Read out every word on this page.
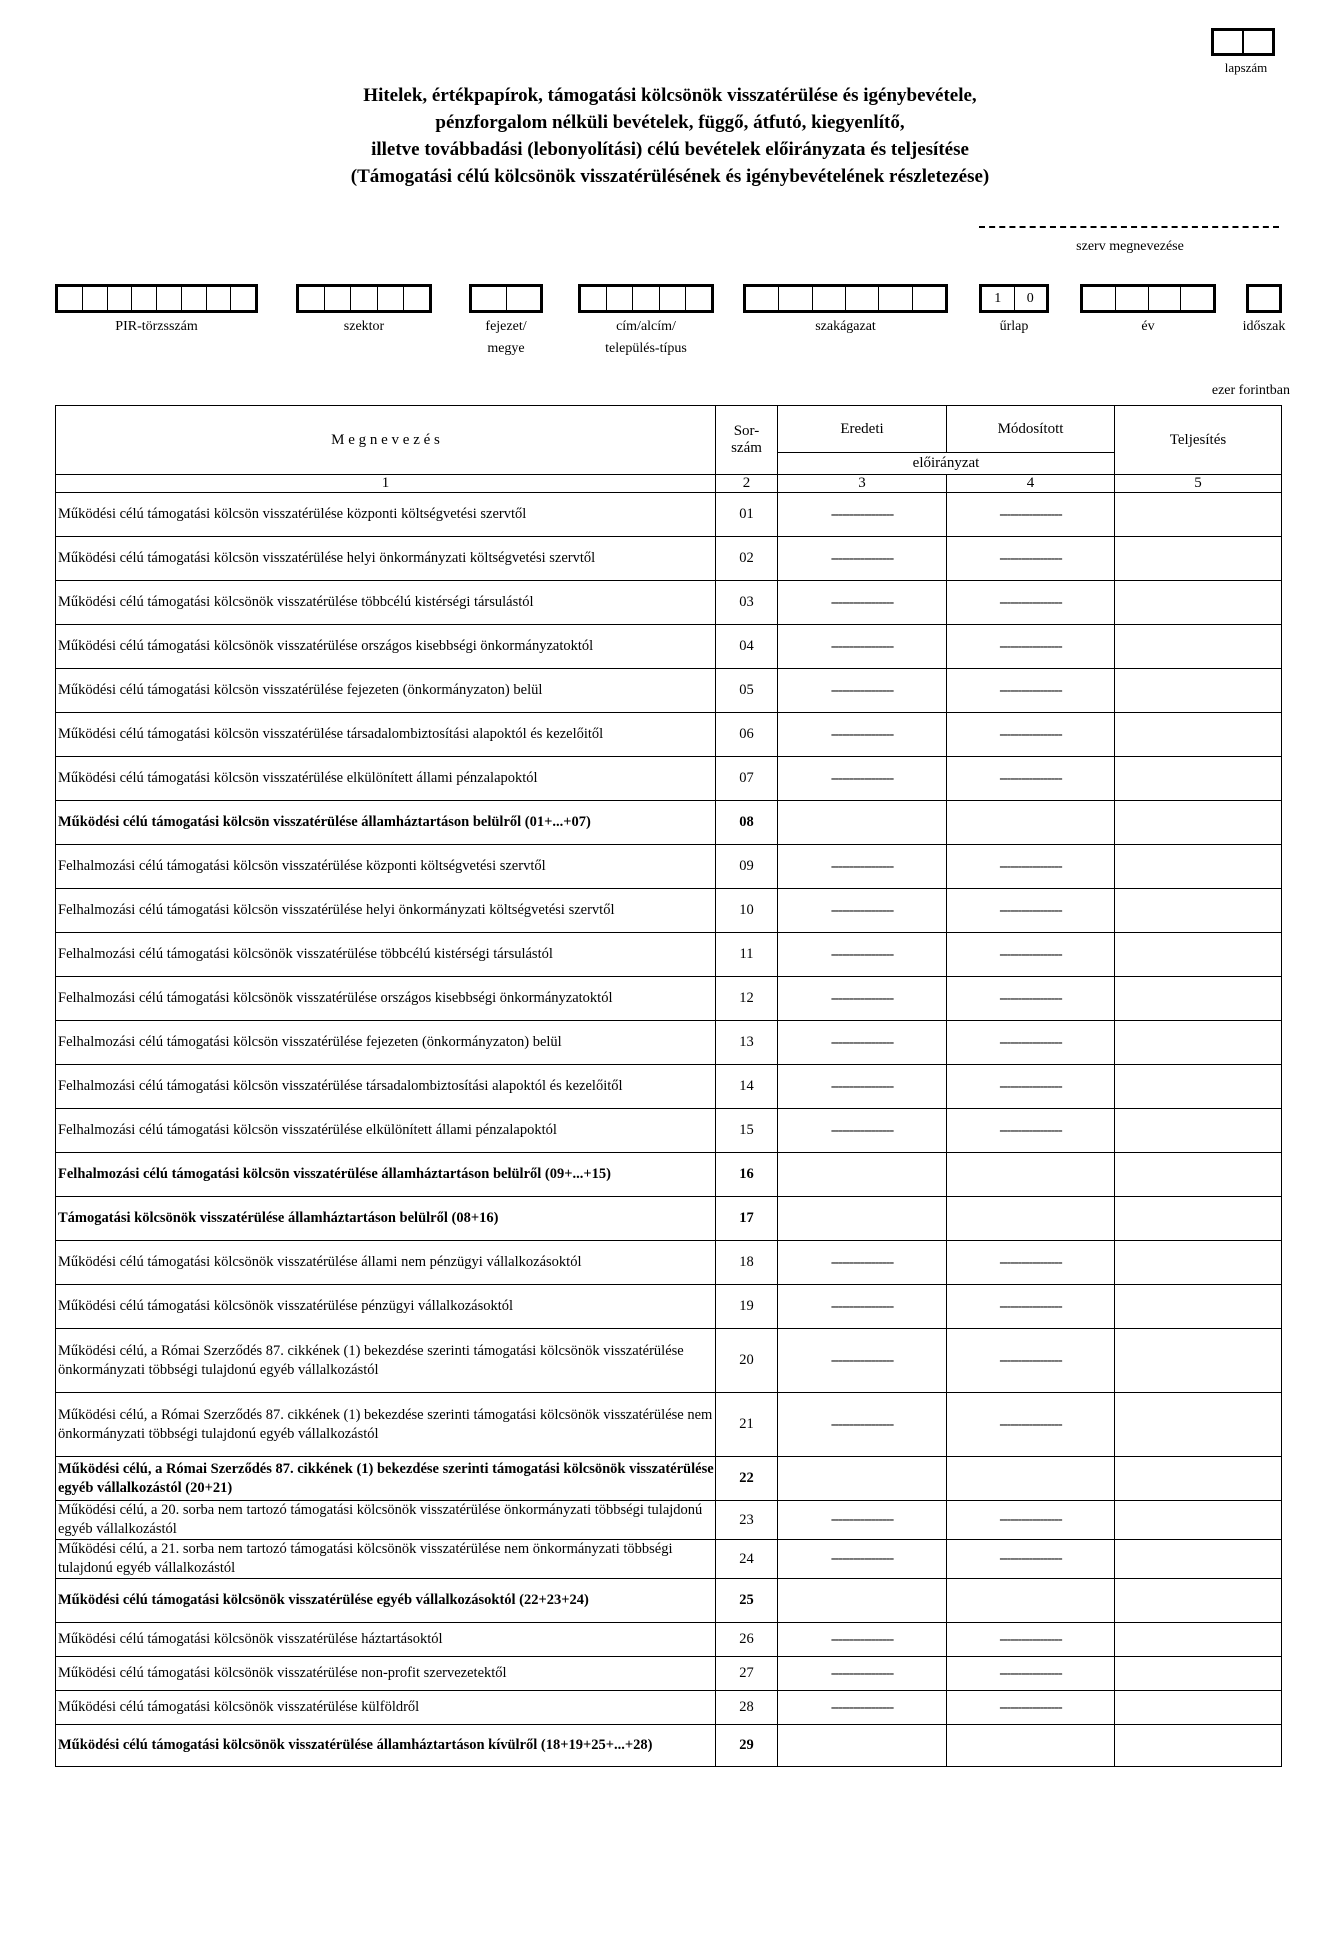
lapszám
Hitelek, értékpapírok, támogatási kölcsönök visszatérülése és igénybevétele,
pénzforgalom nélküli bevételek, függő, átfutó, kiegyenlítő,
illetve továbbadási (lebonyolítási) célú bevételek előirányzata és teljesítése
(Támogatási célú kölcsönök visszatérülésének és igénybevételének részletezése)
szerv megnevezése
PIR-törzsszám	szektor	fejezet/
megye
cím/alcím/
település-típus
szakágazat
1	0
űrlap	év	időszak
ezer forintban
M e g n e v e z é s	Sor-
szám	Eredeti	Módosított	Teljesítés
		előirányzat		
1	2	3	4	5
Működési célú támogatási kölcsön visszatérülése központi költségvetési szervtől	01	-----------------	-----------------	
Működési célú támogatási kölcsön visszatérülése helyi önkormányzati költségvetési szervtől	02	-----------------	-----------------	
Működési célú támogatási kölcsönök visszatérülése többcélú kistérségi társulástól	03	-----------------	-----------------	
Működési célú támogatási kölcsönök visszatérülése országos kisebbségi önkormányzatoktól	04	-----------------	-----------------	
Működési célú támogatási kölcsön visszatérülése fejezeten (önkormányzaton) belül	05	-----------------	-----------------	
Működési célú támogatási kölcsön visszatérülése társadalombiztosítási alapoktól és kezelőitől	06	-----------------	-----------------	
Működési célú támogatási kölcsön visszatérülése elkülönített állami pénzalapoktól	07	-----------------	-----------------	
Működési célú támogatási kölcsön visszatérülése államháztartáson belülről (01+...+07)	08			
Felhalmozási célú támogatási kölcsön visszatérülése központi költségvetési szervtől	09	-----------------	-----------------	
Felhalmozási célú támogatási kölcsön visszatérülése helyi önkormányzati költségvetési szervtől	10	-----------------	-----------------	
Felhalmozási célú támogatási kölcsönök visszatérülése többcélú kistérségi társulástól	11	-----------------	-----------------	
Felhalmozási célú támogatási kölcsönök visszatérülése országos kisebbségi önkormányzatoktól	12	-----------------	-----------------	
Felhalmozási célú támogatási kölcsön visszatérülése fejezeten (önkormányzaton) belül	13	-----------------	-----------------	
Felhalmozási célú támogatási kölcsön visszatérülése társadalombiztosítási alapoktól és kezelőitől	14	-----------------	-----------------	
Felhalmozási célú támogatási kölcsön visszatérülése elkülönített állami pénzalapoktól	15	-----------------	-----------------	
Felhalmozási célú támogatási kölcsön visszatérülése államháztartáson belülről (09+...+15)	16			
Támogatási kölcsönök visszatérülése államháztartáson belülről (08+16)	17			
Működési célú támogatási kölcsönök visszatérülése állami nem pénzügyi vállalkozásoktól	18	-----------------	-----------------	
Működési célú támogatási kölcsönök visszatérülése pénzügyi vállalkozásoktól	19	-----------------	-----------------	
Működési célú, a Római Szerződés 87. cikkének (1) bekezdése szerinti támogatási kölcsönök visszatérülése önkormányzati többségi tulajdonú egyéb vállalkozástól	20	-----------------	-----------------	
Működési célú, a Római Szerződés 87. cikkének (1) bekezdése szerinti támogatási kölcsönök visszatérülése nem önkormányzati többségi tulajdonú egyéb vállalkozástól	21	-----------------	-----------------	
Működési célú, a Római Szerződés 87. cikkének (1) bekezdése szerinti támogatási kölcsönök visszatérülése egyéb vállalkozástól (20+21)	22			
Működési célú, a 20. sorba nem tartozó támogatási kölcsönök visszatérülése önkormányzati többségi tulajdonú egyéb vállalkozástól	23	-----------------	-----------------	
Működési célú, a 21. sorba nem tartozó támogatási kölcsönök visszatérülése nem önkormányzati többségi tulajdonú egyéb vállalkozástól	24	-----------------	-----------------	
Működési célú támogatási kölcsönök visszatérülése egyéb vállalkozásoktól (22+23+24)	25			
Működési célú támogatási kölcsönök visszatérülése háztartásoktól	26	-----------------	-----------------	
Működési célú támogatási kölcsönök visszatérülése non-profit szervezetektől	27	-----------------	-----------------	
Működési célú támogatási kölcsönök visszatérülése külföldről	28	-----------------	-----------------	
Működési célú támogatási kölcsönök visszatérülése államháztartáson kívülről (18+19+25+...+28)	29			
